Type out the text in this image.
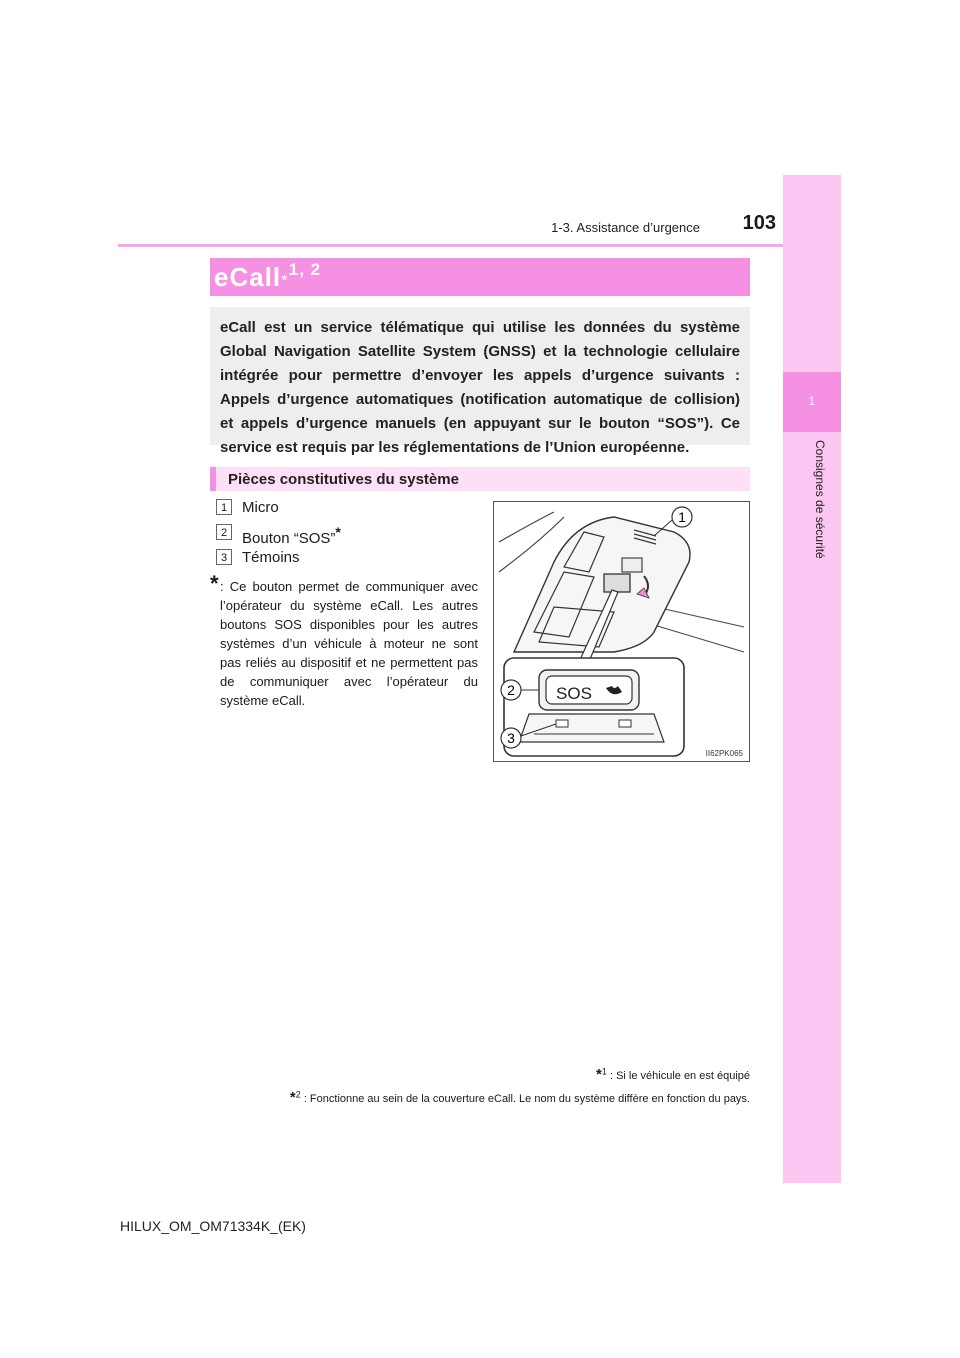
1
Consignes de sécurité
1-3. Assistance d’urgence	103
eCall*$^{1, 2}$

eCall est un service télématique qui utilise les données du système Global Navigation Satellite System (GNSS) et la technologie cellulaire intégrée pour permettre d’envoyer les appels d’urgence suivants : Appels d’urgence automatiques (notification automatique de collision) et appels d’urgence manuels (en appuyant sur le bouton “SOS”). Ce service est requis par les réglementations de l’Union européenne.

Pièces constitutives du système
1 Micro
2 Bouton “SOS”*
3 Témoins
* : Ce bouton permet de communiquer avec l’opérateur du système eCall. Les autres boutons SOS disponibles pour les autres systèmes d’un véhicule à moteur ne sont pas reliés au dispositif et ne permettent pas de communiquer avec l’opérateur du système eCall.

1
SOS
2
3
II62PK065
*$^1$ : Si le véhicule en est équipé
*$^2$ : Fonctionne au sein de la couverture eCall. Le nom du système diffère en fonction du pays.
HILUX_OM_OM71334K_(EK)
